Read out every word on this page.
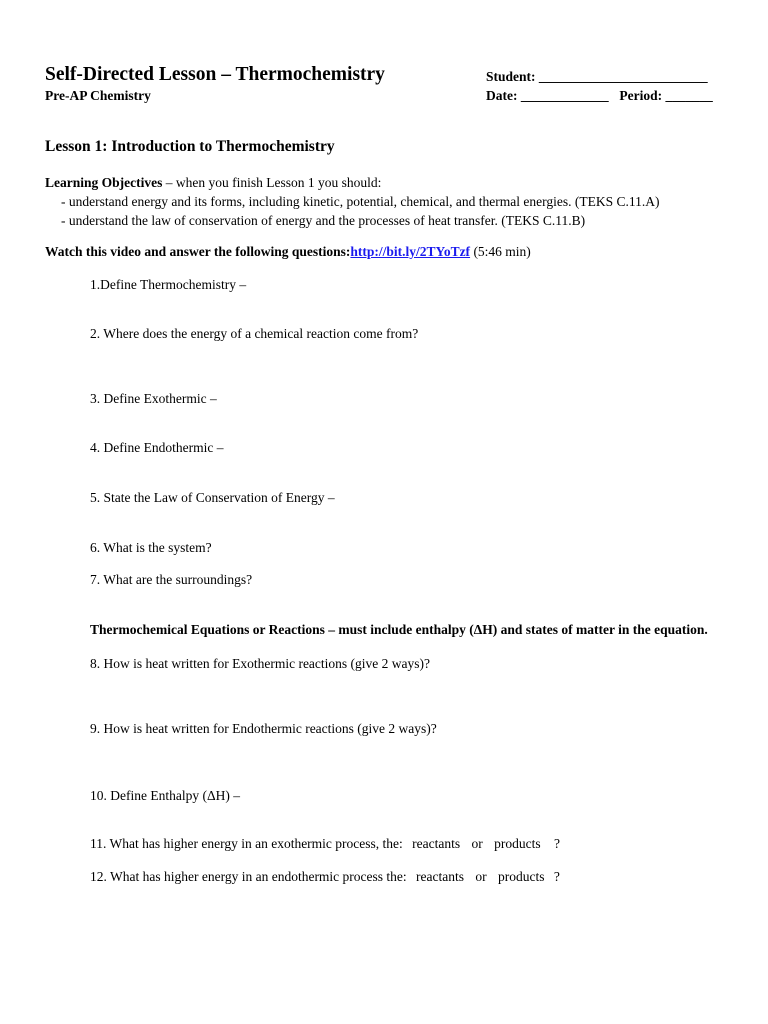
Self-Directed Lesson – Thermochemistry
Pre-AP Chemistry
Student: _________________________
Date: _____________ Period: _______
Lesson 1: Introduction to Thermochemistry
Learning Objectives – when you finish Lesson 1 you should:
- understand energy and its forms, including kinetic, potential, chemical, and thermal energies. (TEKS C.11.A)
- understand the law of conservation of energy and the processes of heat transfer. (TEKS C.11.B)
Watch this video and answer the following questions:http://bit.ly/2TYoTzf (5:46 min)
1.Define Thermochemistry –
2. Where does the energy of a chemical reaction come from?
3. Define Exothermic –
4. Define Endothermic –
5. State the Law of Conservation of Energy –
6. What is the system?
7. What are the surroundings?
Thermochemical Equations or Reactions – must include enthalpy (ΔH) and states of matter in the equation.
8. How is heat written for Exothermic reactions (give 2 ways)?
9. How is heat written for Endothermic reactions (give 2 ways)?
10. Define Enthalpy (ΔH) –
11. What has higher energy in an exothermic process, the: reactants or products ?
12. What has higher energy in an endothermic process the: reactants or products ?
